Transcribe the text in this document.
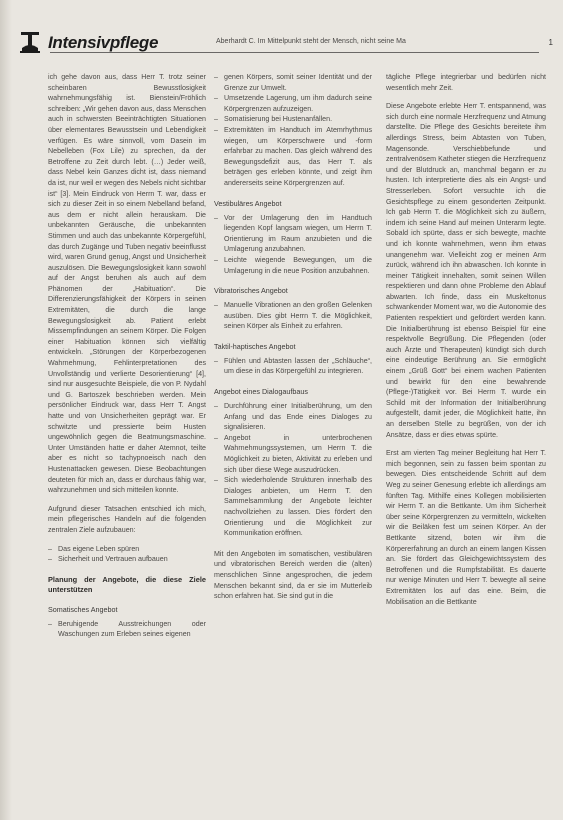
Intensivpflege	Aberhardt C. Im Mittelpunkt steht der Mensch, nicht seine Ma	1

ich gehe davon aus, dass Herr T. trotz seiner scheinbaren Bewusstlosigkeit wahrnehmungsfähig ist. Bienstein/Fröhlich schreiben: „Wir gehen davon aus, dass Menschen auch in schwersten Beeinträchtigten Situationen über elementares Bewusstsein und Lebendigkeit verfügen. Es wäre sinnvoll, vom Dasein im Nebelleben (Fox Lile) zu sprechen, da der Betroffene zu Zeit durch lebt. (…) Jeder weiß, dass Nebel kein Ganzes dicht ist, dass niemand da ist, nur weil er wegen des Nebels nicht sichtbar ist“ [3]. Mein Eindruck von Herrn T. war, dass er sich zu dieser Zeit in so einem Nebelland befand, aus dem er nicht allein herauskam. Die unbekannten Geräusche, die unbekannten Stimmen und auch das unbekannte Körpergefühl, das durch Zugänge und Tuben negativ beeinflusst wird, waren Grund genug, Angst und Unsicherheit auszulösen. Die Bewegungslosigkeit kann sowohl auf der Angst beruhen als auch auf dem Phänomen der „Habituation“. Die Differenzierungsfähigkeit der Körpers in seinen Extremitäten, die durch die lange Bewegungslosigkeit ab. Patient erlebt Missempfindungen an seinem Körper. Die Folgen einer Habituation können sich vielfältig entwickeln. „Störungen der Körperbezogenen Wahrnehmung, Fehlinterpretationen des Unvollständig und verlierte Desorientierung“ [4], sind nur ausgesuchte Beispiele, die von P. Nydahl und G. Bartoszek beschrieben werden. Mein persönlicher Eindruck war, dass Herr T. Angst hatte und von Unsicherheiten geprägt war. Er schwitzte und pressierte beim Husten ungewöhnlich gegen die Beatmungsmaschine. Unter Umständen hatte er daher Atemnot, teilte aber es nicht so tachypnoeisch nach den Hustenattacken gewesen. Diese Beobachtungen deuteten für mich an, dass er durchaus fähig war, wahrzunehmen und sich mitteilen konnte.

Aufgrund dieser Tatsachen entschied ich mich, mein pflegerisches Handeln auf die folgenden zentralen Ziele aufzubauen:

– Das eigene Leben spüren
– Sicherheit und Vertrauen aufbauen
Planung der Angebote, die diese Ziele unterstützen
Somatisches Angebot
– Beruhigende Ausstreichungen oder Waschungen zum Erleben seines eigenen
– genen Körpers, somit seiner Identität und der Grenze zur Umwelt.
– Umsetzende Lagerung, um ihm dadurch seine Körpergrenzen aufzuzeigen.
– Somatisierung bei Hustenanfällen.
– Extremitäten im Handtuch im Atemrhythmus wiegen, um Körperschwere und -form erfahrbar zu machen. Das gleich während des Bewegungsdefizit aus, das Herr T. als beträgen ges erleben könnte, und zeigt ihm andererseits seine Körpergrenzen auf.
Vestibuläres Angebot
– Vor der Umlagerung den im Handtuch liegenden Kopf langsam wiegen, um Herrn T. Orientierung im Raum anzubieten und die Umlagerung anzubahnen.
– Leichte wiegende Bewegungen, um die Umlagerung in die neue Position anzubahnen.
Vibratorisches Angebot
– Manuelle Vibrationen an den großen Gelenken ausüben. Dies gibt Herrn T. die Möglichkeit, seinen Körper als Einheit zu erfahren.
Taktil-haptisches Angebot
– Fühlen und Abtasten lassen der „Schläuche“, um diese in das Körpergefühl zu integrieren.
Angebot eines Dialogaufbaus
– Durchführung einer Initialberührung, um den Anfang und das Ende eines Dialoges zu signalisieren.
– Angebot in unterbrochenen Wahrnehmungssystemen, um Herrn T. die Möglichkeit zu bieten, Aktivität zu erleben und sich über diese Wege auszudrücken.
– Sich wiederholende Strukturen innerhalb des Dialoges anbieten, um Herrn T. den Sammelsammlung der Angebote leichter nachvollziehen zu lassen. Dies fördert den Orientierung und die Möglichkeit zur Kommunikation eröffnen.

Mit den Angeboten im somatischen, vestibulären und vibratorischen Bereich werden die (alten) menschlichen Sinne angesprochen, die jedem Menschen bekannt sind, da er sie im Mutterleib schon erfahren hat. Sie sind gut in die

tägliche Pflege integrierbar und bedürfen nicht wesentlich mehr Zeit.

Diese Angebote erlebte Herr T. entspannend, was sich durch eine normale Herzfrequenz und Atmung darstellte. Die Pflege des Gesichts bereitete ihm allerdings Stress, beim Abtasten von Tuben, Magensonde. Verschiebbefunde und zentralvenösem Katheter stiegen die Herzfrequenz und der Blutdruck an, manchmal begann er zu husten. Ich interpretierte dies als ein Angst- und Stresserleben. Sofort versuchte ich die Gesichtspflege zu einem gesonderten Zeitpunkt. Ich gab Herrn T. die Möglichkeit sich zu äußern, indem ich seine Hand auf meinen Unterarm legte. Sobald ich spürte, dass er sich bewegte, machte und ich konnte wahrnehmen, wenn ihm etwas unangenehm war. Vielleicht zog er meinen Arm zurück, während ich ihn abwaschen. Ich konnte in meiner Tätigkeit innehalten, somit seinen Willen respektieren und dann ohne Probleme den Ablauf abwarten. Ich finde, dass ein Muskeltonus schwankender Moment war, wo die Autonomie des Patienten respektiert und gefördert werden kann. Die Initialberührung ist ebenso Beispiel für eine respektvolle Begrüßung. Die Pflegenden (oder auch Ärzte und Therapeuten) kündigt sich durch eine eindeutige Berührung an. Sie ermöglicht einem „Grüß Gott“ bei einem wachen Patienten und bewirkt für den eine bewahrende (Pflege-)Tätigkeit vor. Bei Herrn T. wurde ein Schild mit der Information der Initialberührung aufgestellt, damit jeder, die Möglichkeit hatte, ihn an derselben Stelle zu begrüßen, von der ich Ansätze, dass er dies etwas spürte.

Erst am vierten Tag meiner Begleitung hat Herr T. mich begonnen, sein zu fassen beim spontan zu bewegen. Dies entscheidende Schritt auf dem Weg zu seiner Genesung erlebte ich allerdings am fünften Tag. Mithilfe eines Kollegen mobilisierten wir Herrn T. an die Bettkante. Um ihm Sicherheit über seine Körpergrenzen zu vermitteln, wickelten wir die Beiläken fest um seinen Körper. An der Bettkante sitzend, boten wir ihm die Körpererfahrung an durch an einem langen Kissen an. Sie fördert das Gleichgewichtssystem des Betroffenen und die Rumpfstabilität. Es dauerte nur wenige Minuten und Herr T. bewegte all seine Extremitäten los auf das eine. Beim, die Mobilisation an die Bettkante
